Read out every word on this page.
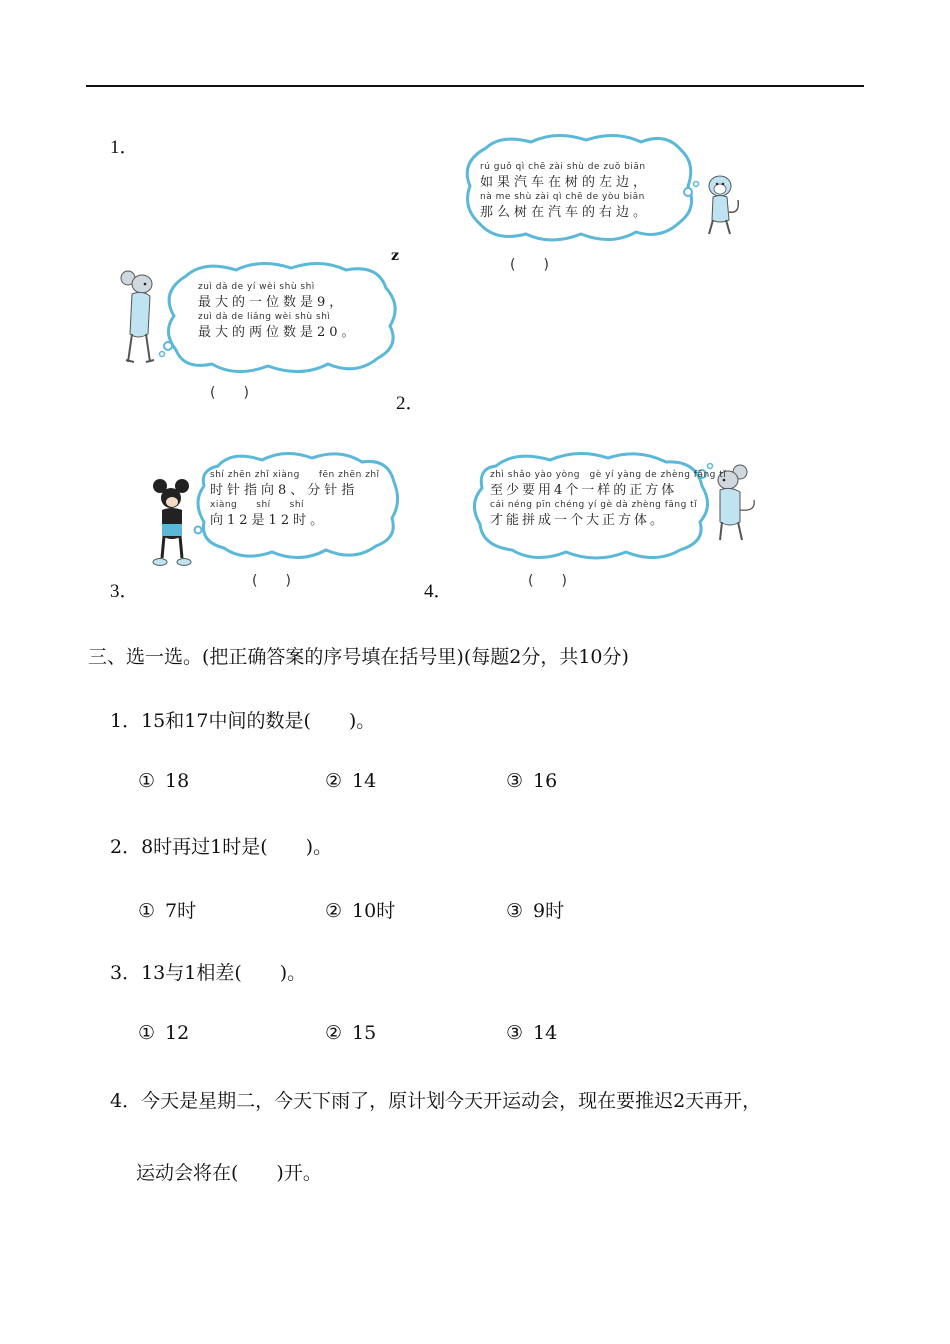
1．
2．
3．	4．
z
rú guǒ qì chē zài shù de zuǒ biān
如果汽车在树的左边，
nà me shù zài qì chē de yòu biān
那么树在汽车的右边。
(　　)
zuì dà de yí wèi shù shì
最大的一位数是9，
zuì dà de liǎng wèi shù shì
最大的两位数是20。
(　　)
shí zhēn zhǐ xiàng　　fēn zhēn zhǐ
时针指向8、分针指
xiàng　　shí　　shí
向12是12时。
(　　)
zhì shǎo yào yòng　gè yí yàng de zhèng fāng tǐ
至少要用4个一样的正方体
cái néng pīn chéng yí gè dà zhèng fāng tǐ
才能拼成一个大正方体。
(　　)
三、选一选。(把正确答案的序号填在括号里)(每题2分，共10分)
1．15和17中间的数是(　　)。
① 18	② 14	③ 16
2．8时再过1时是(　　)。
① 7时	② 10时	③ 9时
3．13与1相差(　　)。
① 12	② 15	③ 14
4．今天是星期二，今天下雨了，原计划今天开运动会，现在要推迟2天再开，
运动会将在(　　)开。
